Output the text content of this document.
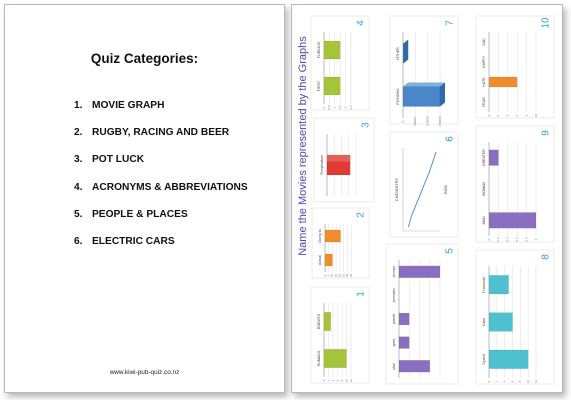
Quiz Categories:
1. MOVIE GRAPH
2. RUGBY, RACING AND BEER
3. POT LUCK
4. ACRONYMS & ABBREVIATIONS
5. PEOPLE & PLACES
6. ELECTRIC CARS
www.kiwi-pub-quiz.co.nz
Name the Movies represented by the Graphs
1
0 2 4 6 8 10 12
HUMANS
ROBOTS
2
0 5 10 15 20 25 30 35
Actual
Going to
3
Temperature
4
0 0.5 1 1.5 2 2.5
FIRST
FURIOUS
5
plan
apes
planet
primates
chimps
6
CHEMISTRY	RISK
7
0	50000	100000	150000
POTIONS
OTHER
8
0 2 4 6 8 10 12
Cyclist
Cake
Prosecute
9
0 0.2 0.4 0.6 0.8 1
MAN
WOMAN
GREATER
10
0 2 4 6 8 10
FEAR
HATE
HAPPY
SAD
